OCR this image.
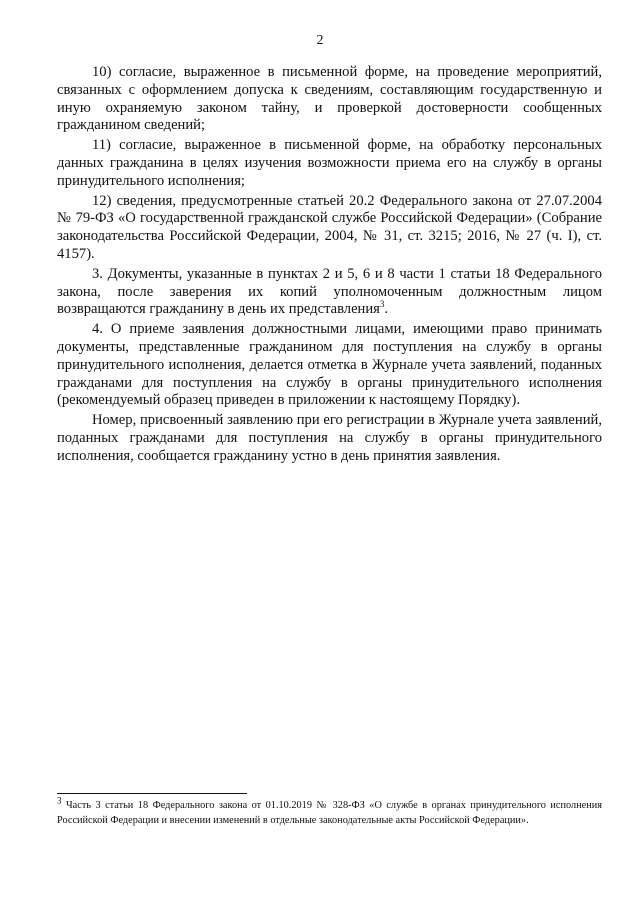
2

10) согласие, выраженное в письменной форме, на проведение мероприятий, связанных с оформлением допуска к сведениям, составляющим государственную и иную охраняемую законом тайну, и проверкой достоверности сообщенных гражданином сведений;

11) согласие, выраженное в письменной форме, на обработку персональных данных гражданина в целях изучения возможности приема его на службу в органы принудительного исполнения;

12) сведения, предусмотренные статьей 20.2 Федерального закона от 27.07.2004 № 79-ФЗ «О государственной гражданской службе Российской Федерации» (Собрание законодательства Российской Федерации, 2004, № 31, ст. 3215; 2016, № 27 (ч. I), ст. 4157).

3. Документы, указанные в пунктах 2 и 5, 6 и 8 части 1 статьи 18 Федерального закона, после заверения их копий уполномоченным должностным лицом возвращаются гражданину в день их представления$^3$.

4. О приеме заявления должностными лицами, имеющими право принимать документы, представленные гражданином для поступления на службу в органы принудительного исполнения, делается отметка в Журнале учета заявлений, поданных гражданами для поступления на службу в органы принудительного исполнения (рекомендуемый образец приведен в приложении к настоящему Порядку).

Номер, присвоенный заявлению при его регистрации в Журнале учета заявлений, поданных гражданами для поступления на службу в органы принудительного исполнения, сообщается гражданину устно в день принятия заявления.

$^3$ Часть 3 статьи 18 Федерального закона от 01.10.2019 № 328-ФЗ «О службе в органах принудительного исполнения Российской Федерации и внесении изменений в отдельные законодательные акты Российской Федерации».
